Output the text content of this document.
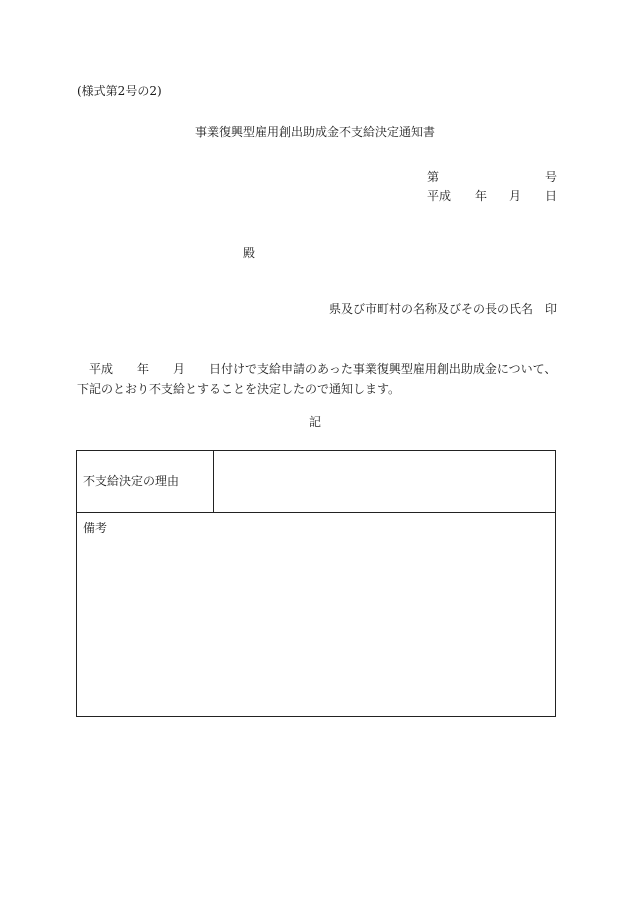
(様式第2号の2)
事業復興型雇用創出助成金不支給決定通知書
第	号
平成 年 月 日
殿
県及び市町村の名称及びその長の氏名　印
平成　　年　　月　　日付けで支給申請のあった事業復興型雇用創出助成金について、
下記のとおり不支給とすることを決定したので通知します。
記
不支給決定の理由
備考
